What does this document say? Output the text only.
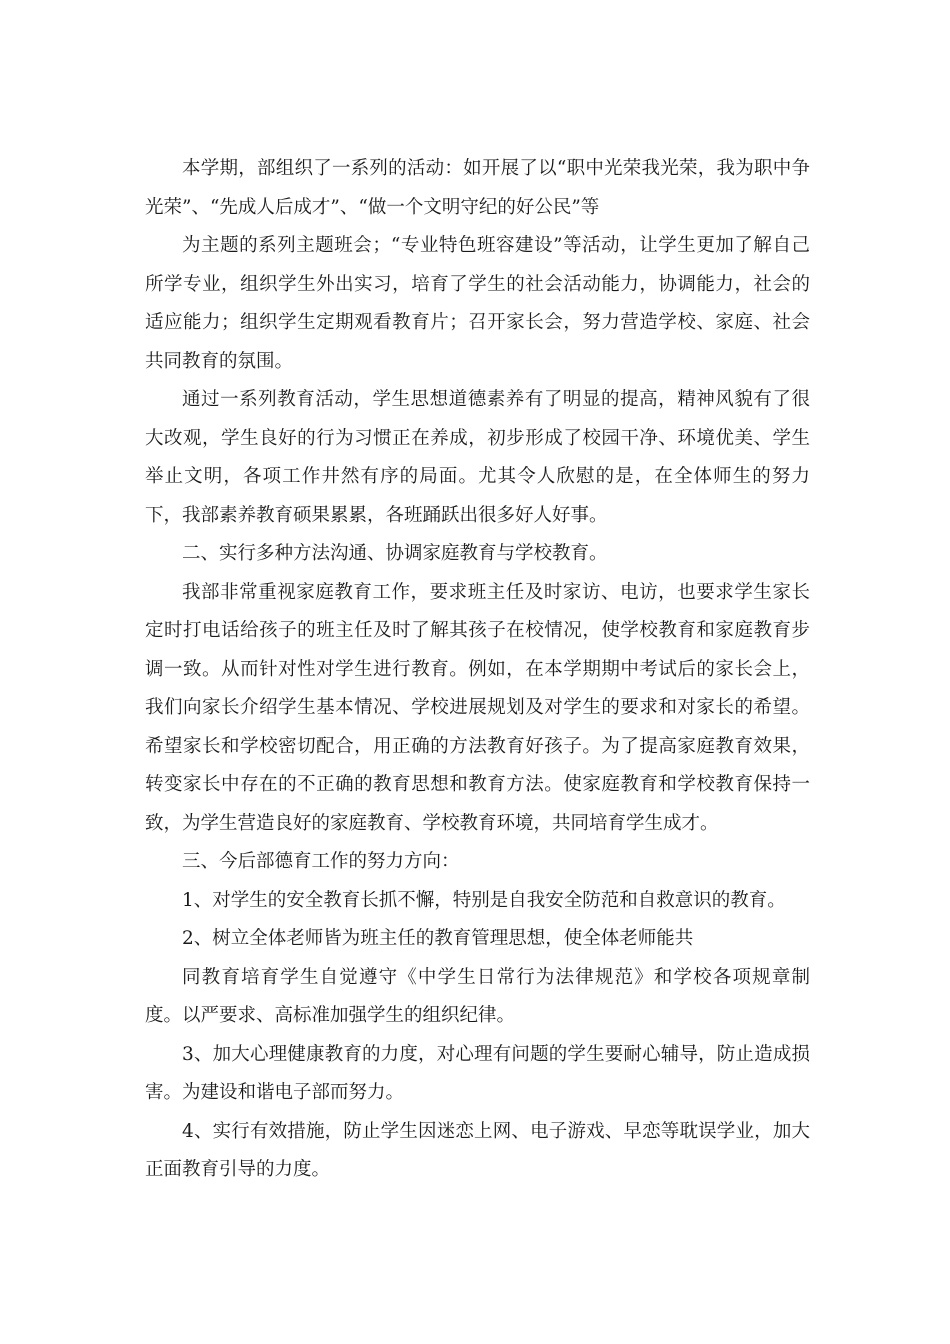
本学期，部组织了一系列的活动：如开展了以“职中光荣我光荣，我为职中争光荣”、“先成人后成才”、“做一个文明守纪的好公民”等

为主题的系列主题班会；“专业特色班容建设”等活动，让学生更加了解自己所学专业，组织学生外出实习，培育了学生的社会活动能力，协调能力，社会的适应能力；组织学生定期观看教育片；召开家长会，努力营造学校、家庭、社会共同教育的氛围。

通过一系列教育活动，学生思想道德素养有了明显的提高，精神风貌有了很大改观，学生良好的行为习惯正在养成，初步形成了校园干净、环境优美、学生举止文明，各项工作井然有序的局面。尤其令人欣慰的是，在全体师生的努力下，我部素养教育硕果累累，各班踊跃出很多好人好事。

二、实行多种方法沟通、协调家庭教育与学校教育。

我部非常重视家庭教育工作，要求班主任及时家访、电访，也要求学生家长定时打电话给孩子的班主任及时了解其孩子在校情况，使学校教育和家庭教育步调一致。从而针对性对学生进行教育。例如，在本学期期中考试后的家长会上，我们向家长介绍学生基本情况、学校进展规划及对学生的要求和对家长的希望。希望家长和学校密切配合，用正确的方法教育好孩子。为了提高家庭教育效果，转变家长中存在的不正确的教育思想和教育方法。使家庭教育和学校教育保持一致，为学生营造良好的家庭教育、学校教育环境，共同培育学生成才。

三、今后部德育工作的努力方向：

1、对学生的安全教育长抓不懈，特别是自我安全防范和自救意识的教育。

2、树立全体老师皆为班主任的教育管理思想，使全体老师能共

同教育培育学生自觉遵守《中学生日常行为法律规范》和学校各项规章制度。以严要求、高标准加强学生的组织纪律。

3、加大心理健康教育的力度，对心理有问题的学生要耐心辅导，防止造成损害。为建设和谐电子部而努力。

4、实行有效措施，防止学生因迷恋上网、电子游戏、早恋等耽误学业，加大正面教育引导的力度。
